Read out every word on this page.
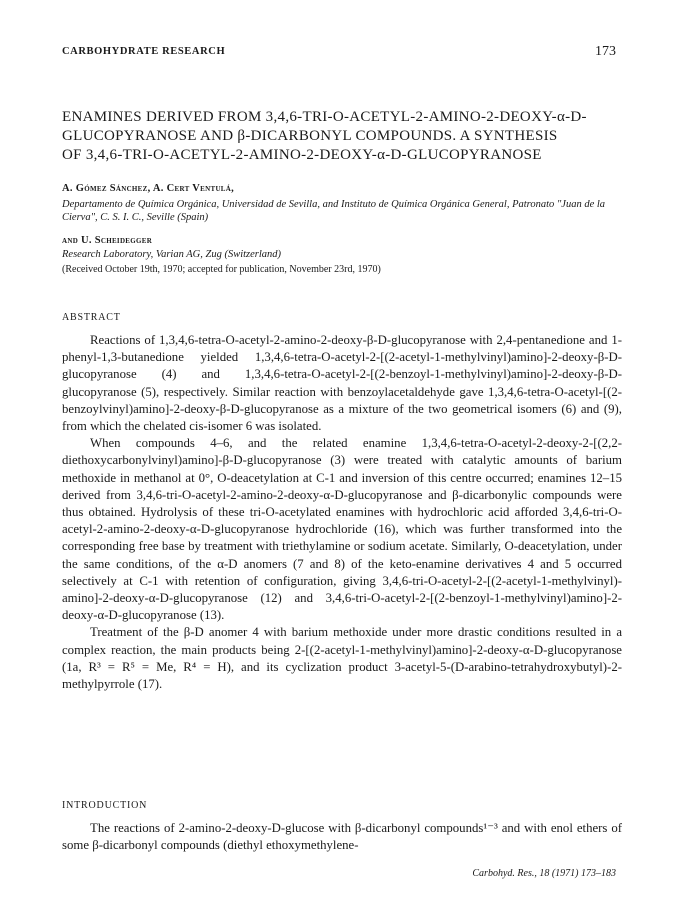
CARBOHYDRATE RESEARCH	173
ENAMINES DERIVED FROM 3,4,6-TRI-O-ACETYL-2-AMINO-2-DEOXY-α-D-
GLUCOPYRANOSE AND β-DICARBONYL COMPOUNDS. A SYNTHESIS
OF 3,4,6-TRI-O-ACETYL-2-AMINO-2-DEOXY-α-D-GLUCOPYRANOSE
A. Gómez Sánchez, A. Cert Ventulá,
Departamento de Química Orgánica, Universidad de Sevilla, and Instituto de Química Orgánica General, Patronato "Juan de la Cierva", C. S. I. C., Seville (Spain)
and U. Scheidegger
Research Laboratory, Varian AG, Zug (Switzerland)
(Received October 19th, 1970; accepted for publication, November 23rd, 1970)
ABSTRACT

Reactions of 1,3,4,6-tetra-O-acetyl-2-amino-2-deoxy-β-D-glucopyranose with 2,4-pentanedione and 1-phenyl-1,3-butanedione yielded 1,3,4,6-tetra-O-acetyl-2-[(2-acetyl-1-methylvinyl)amino]-2-deoxy-β-D-glucopyranose (4) and 1,3,4,6-tetra-O-acetyl-2-[(2-benzoyl-1-methylvinyl)amino]-2-deoxy-β-D-glucopyranose (5), respectively. Similar reaction with benzoylacetaldehyde gave 1,3,4,6-tetra-O-acetyl-[(2-benzoylvinyl)amino]-2-deoxy-β-D-glucopyranose as a mixture of the two geometrical isomers (6) and (9), from which the chelated cis-isomer 6 was isolated.

When compounds 4–6, and the related enamine 1,3,4,6-tetra-O-acetyl-2-deoxy-2-[(2,2-diethoxycarbonylvinyl)amino]-β-D-glucopyranose (3) were treated with catalytic amounts of barium methoxide in methanol at 0°, O-deacetylation at C-1 and inversion of this centre occurred; enamines 12–15 derived from 3,4,6-tri-O-acetyl-2-amino-2-deoxy-α-D-glucopyranose and β-dicarbonylic compounds were thus obtained. Hydrolysis of these tri-O-acetylated enamines with hydrochloric acid afforded 3,4,6-tri-O-acetyl-2-amino-2-deoxy-α-D-glucopyranose hydrochloride (16), which was further transformed into the corresponding free base by treatment with triethylamine or sodium acetate. Similarly, O-deacetylation, under the same conditions, of the α-D anomers (7 and 8) of the keto-enamine derivatives 4 and 5 occurred selectively at C-1 with retention of configuration, giving 3,4,6-tri-O-acetyl-2-[(2-acetyl-1-methylvinyl)-amino]-2-deoxy-α-D-glucopyranose (12) and 3,4,6-tri-O-acetyl-2-[(2-benzoyl-1-methylvinyl)amino]-2-deoxy-α-D-glucopyranose (13).

Treatment of the β-D anomer 4 with barium methoxide under more drastic conditions resulted in a complex reaction, the main products being 2-[(2-acetyl-1-methylvinyl)amino]-2-deoxy-α-D-glucopyranose (1a, R³ = R⁵ = Me, R⁴ = H), and its cyclization product 3-acetyl-5-(D-arabino-tetrahydroxybutyl)-2-methylpyrrole (17).

INTRODUCTION

The reactions of 2-amino-2-deoxy-D-glucose with β-dicarbonyl compounds¹⁻³ and with enol ethers of some β-dicarbonyl compounds (diethyl ethoxymethylene-

Carbohyd. Res., 18 (1971) 173–183
